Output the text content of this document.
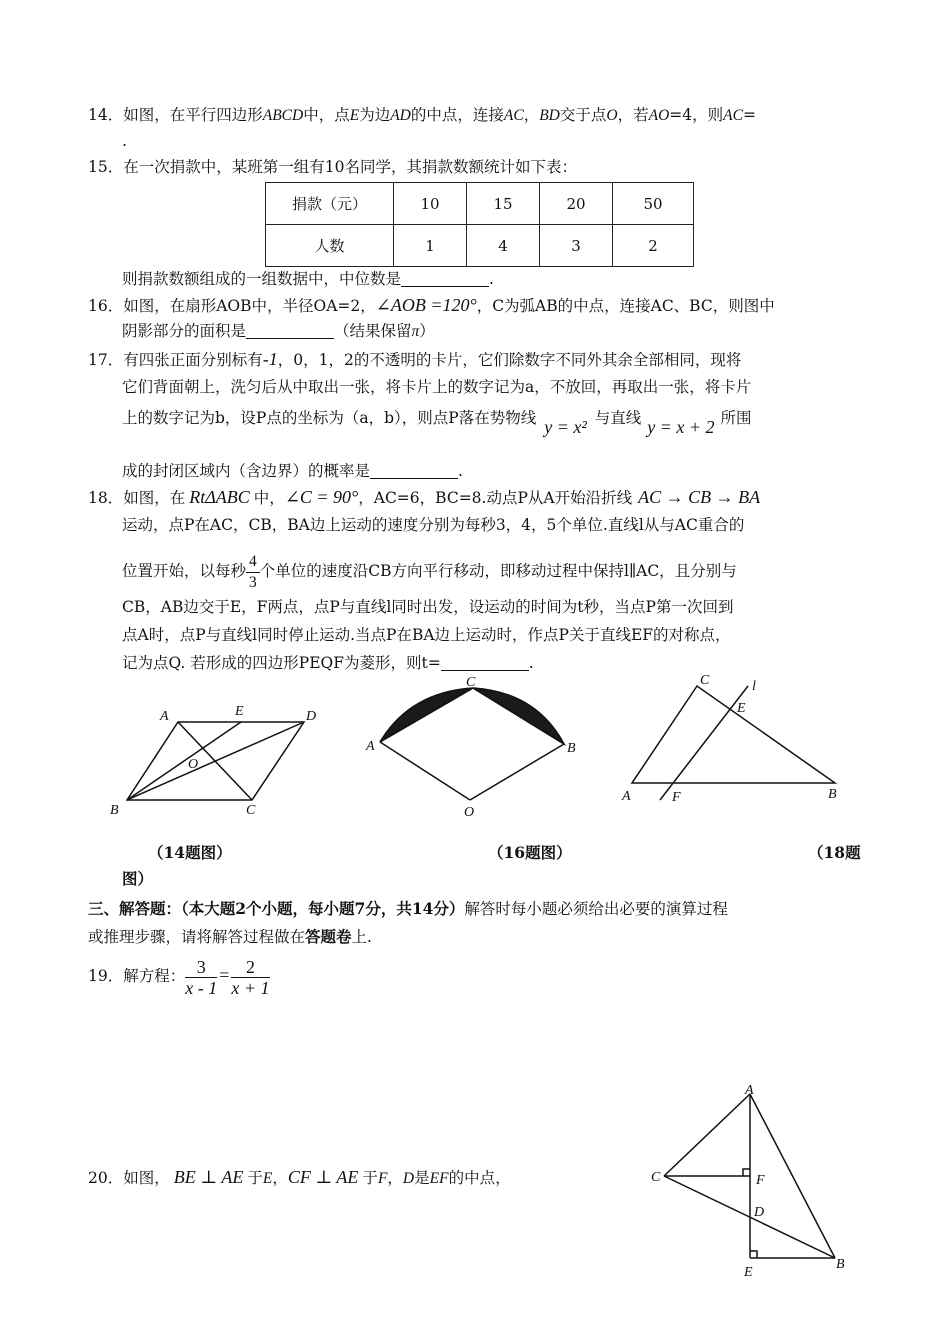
14．如图，在平行四边形ABCD中，点E为边AD的中点，连接AC，BD交于点O，若AO=4，则AC=
.
15．在一次捐款中，某班第一组有10名同学，其捐款数额统计如下表：
捐款（元）	10	15	20	50
人数	1	4	3	2
则捐款数额组成的一组数据中，中位数是	.
16．如图，在扇形AOB中，半径OA=2，∠AOB =120°，C为弧AB的中点，连接AC、BC，则图中
阴影部分的面积是	（结果保留π）
17．有四张正面分别标有-1，0，1，2的不透明的卡片，它们除数字不同外其余全部相同，现将
它们背面朝上，洗匀后从中取出一张，将卡片上的数字记为a，不放回，再取出一张，将卡片
上的数字记为b，设P点的坐标为（a，b），则点P落在势物线 y = x² 与直线 y = x + 2 所围
成的封闭区域内（含边界）的概率是	.
18．如图，在 RtΔABC 中，∠C = 90°，AC=6，BC=8.动点P从A开始沿折线 AC → CB → BA
运动，点P在AC，CB，BA边上运动的速度分别为每秒3，4，5个单位.直线l从与AC重合的
位置开始，以每秒 $\frac{4}{3}$ 个单位的速度沿CB方向平行移动，即移动过程中保持l∥AC，且分别与
CB，AB边交于E，F两点，点P与直线l同时出发，设运动的时间为t秒，当点P第一次回到
点A时，点P与直线l同时停止运动.当点P在BA边上运动时，作点P关于直线EF的对称点，
记为点Q. 若形成的四边形PEQF为菱形，则t=	.
A	E	D
O
B	C
C
A	B
O
C	l
E
A	F	B
（14题图）	（16题图）	（18题
图）
三、解答题：（本大题2个小题，每小题7分，共14分）解答时每小题必须给出必要的演算过程
或推理步骤，请将解答过程做在答题卷上.
19．解方程： $\frac{3}{x - 1} = \frac{2}{x + 1}$
20．如图， BE ⊥ AE 于E，CF ⊥ AE 于F，D是EF的中点，
A
C	F
D
E
B
